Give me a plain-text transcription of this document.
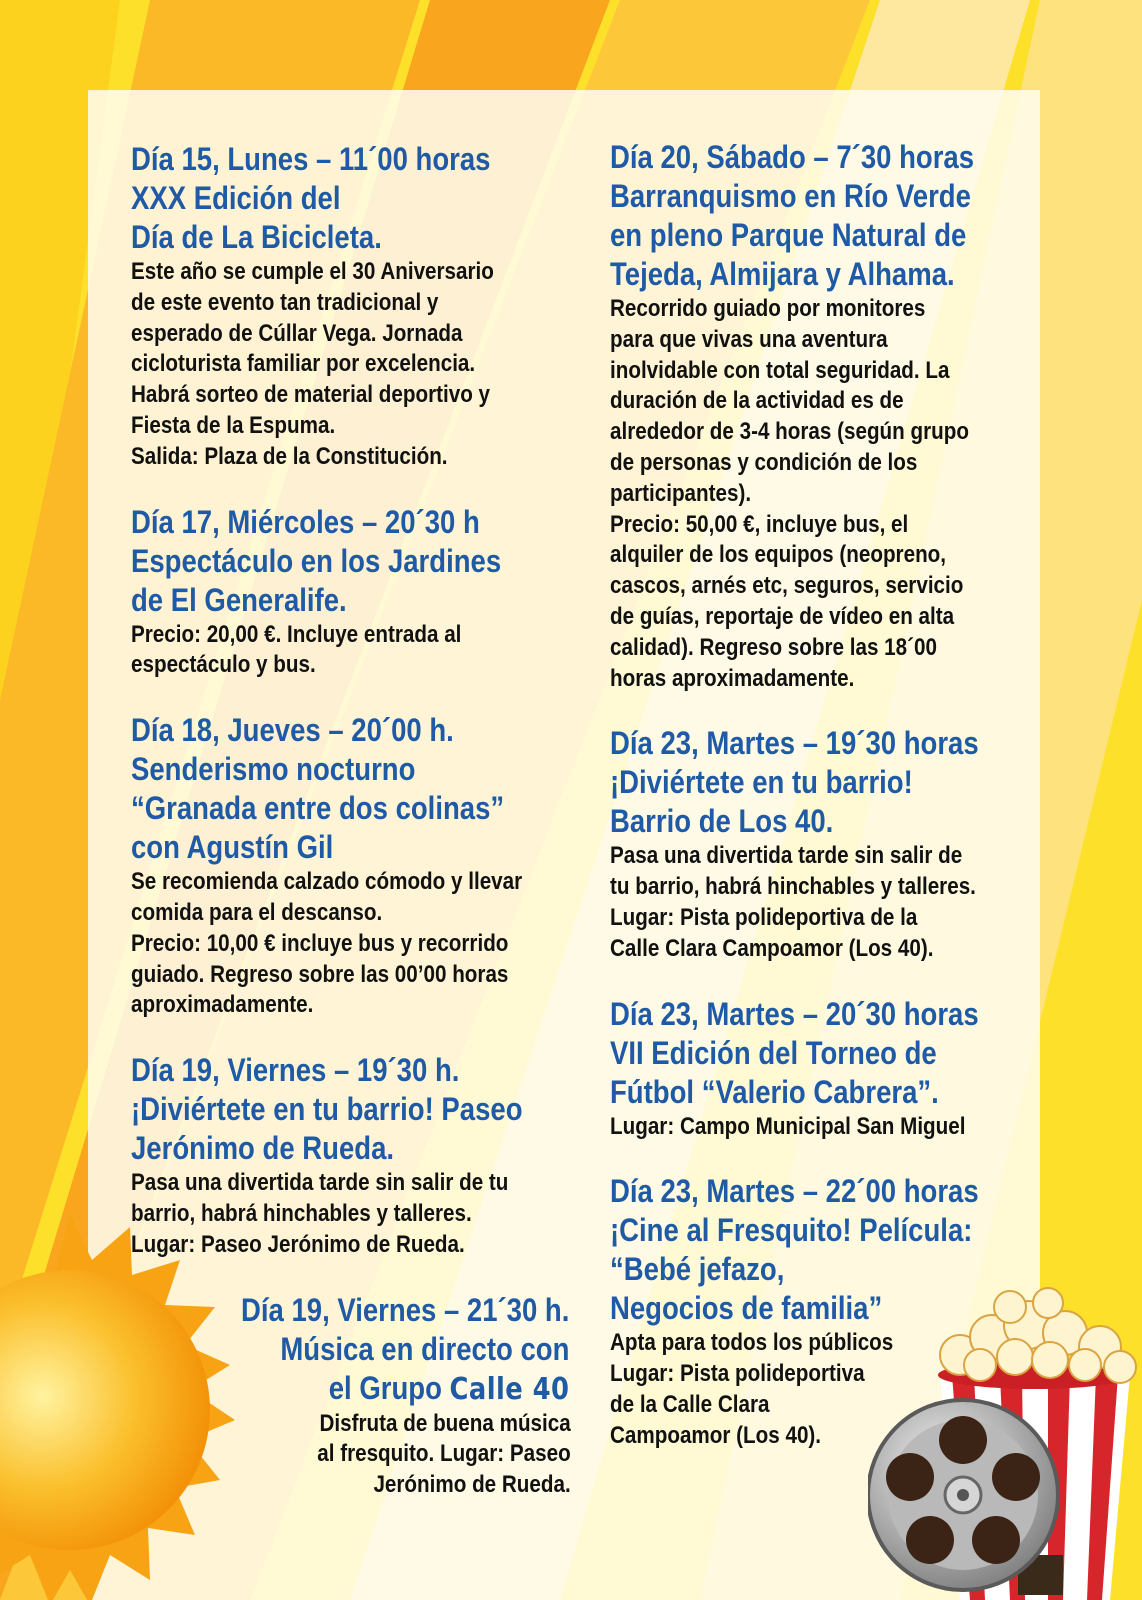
Día 15, Lunes – 11´00 horas
XXX Edición del
Día de La Bicicleta.

Este año se cumple el 30 Aniversario
de este evento tan tradicional y
esperado de Cúllar Vega. Jornada
cicloturista familiar por excelencia.
Habrá sorteo de material deportivo y
Fiesta de la Espuma.
Salida: Plaza de la Constitución.

Día 17, Miércoles – 20´30 h
Espectáculo en los Jardines
de El Generalife.

Precio: 20,00 €. Incluye entrada al
espectáculo y bus.

Día 18, Jueves – 20´00 h.
Senderismo nocturno
“Granada entre dos colinas”
con Agustín Gil

Se recomienda calzado cómodo y llevar
comida para el descanso.
Precio: 10,00 € incluye bus y recorrido
guiado. Regreso sobre las 00’00 horas
aproximadamente.

Día 19, Viernes – 19´30 h.
¡Diviértete en tu barrio! Paseo
Jerónimo de Rueda.

Pasa una divertida tarde sin salir de tu
barrio, habrá hinchables y talleres.
Lugar: Paseo Jerónimo de Rueda.

Día 19, Viernes – 21´30 h.
Música en directo con
el Grupo Calle 40

Disfruta de buena música
al fresquito. Lugar: Paseo
Jerónimo de Rueda.

Día 20, Sábado – 7´30 horas
Barranquismo en Río Verde
en pleno Parque Natural de
Tejeda, Almijara y Alhama.

Recorrido guiado por monitores
para que vivas una aventura
inolvidable con total seguridad. La
duración de la actividad es de
alrededor de 3-4 horas (según grupo
de personas y condición de los
participantes).
Precio: 50,00 €, incluye bus, el
alquiler de los equipos (neopreno,
cascos, arnés etc, seguros, servicio
de guías, reportaje de vídeo en alta
calidad). Regreso sobre las 18´00
horas aproximadamente.

Día 23, Martes – 19´30 horas
¡Diviértete en tu barrio!
Barrio de Los 40.

Pasa una divertida tarde sin salir de
tu barrio, habrá hinchables y talleres.
Lugar: Pista polideportiva de la
Calle Clara Campoamor (Los 40).

Día 23, Martes – 20´30 horas
VII Edición del Torneo de
Fútbol “Valerio Cabrera”.

Lugar: Campo Municipal San Miguel

Día 23, Martes – 22´00 horas
¡Cine al Fresquito! Película:
“Bebé jefazo,
Negocios de familia”

Apta para todos los públicos
Lugar: Pista polideportiva
de la Calle Clara
Campoamor (Los 40).
